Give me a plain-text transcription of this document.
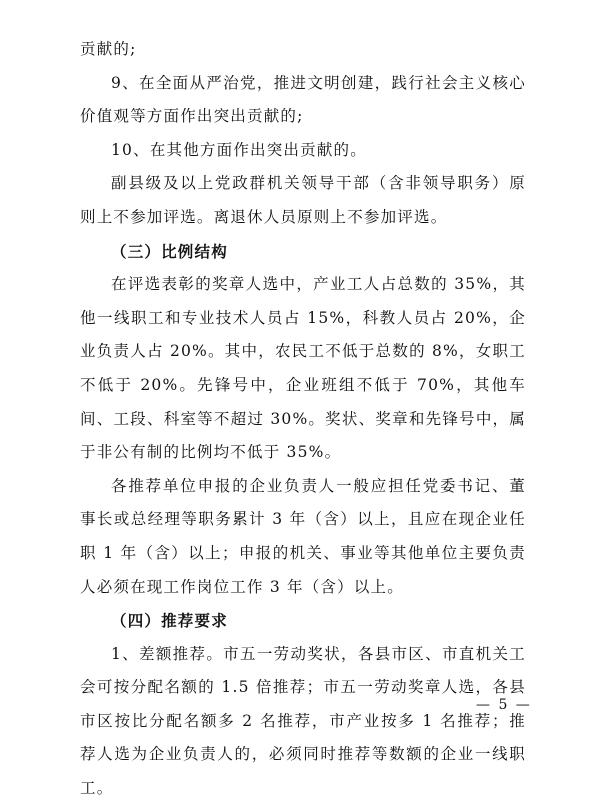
贡献的;

9、在全面从严治党，推进文明创建，践行社会主义核心价值观等方面作出突出贡献的;

10、在其他方面作出突出贡献的。

副县级及以上党政群机关领导干部（含非领导职务）原则上不参加评选。离退休人员原则上不参加评选。

（三）比例结构

在评选表彰的奖章人选中，产业工人占总数的 35%，其他一线职工和专业技术人员占 15%，科教人员占 20%，企业负责人占 20%。其中，农民工不低于总数的 8%，女职工不低于 20%。先锋号中，企业班组不低于 70%，其他车间、工段、科室等不超过 30%。奖状、奖章和先锋号中，属于非公有制的比例均不低于 35%。

各推荐单位申报的企业负责人一般应担任党委书记、董事长或总经理等职务累计 3 年（含）以上，且应在现企业任职 1 年（含）以上；申报的机关、事业等其他单位主要负责人必须在现工作岗位工作 3 年（含）以上。

（四）推荐要求

1、差额推荐。市五一劳动奖状，各县市区、市直机关工会可按分配名额的 1.5 倍推荐；市五一劳动奖章人选，各县市区按比分配名额多 2 名推荐，市产业按多 1 名推荐；推荐人选为企业负责人的，必须同时推荐等数额的企业一线职工。

— 5 —
